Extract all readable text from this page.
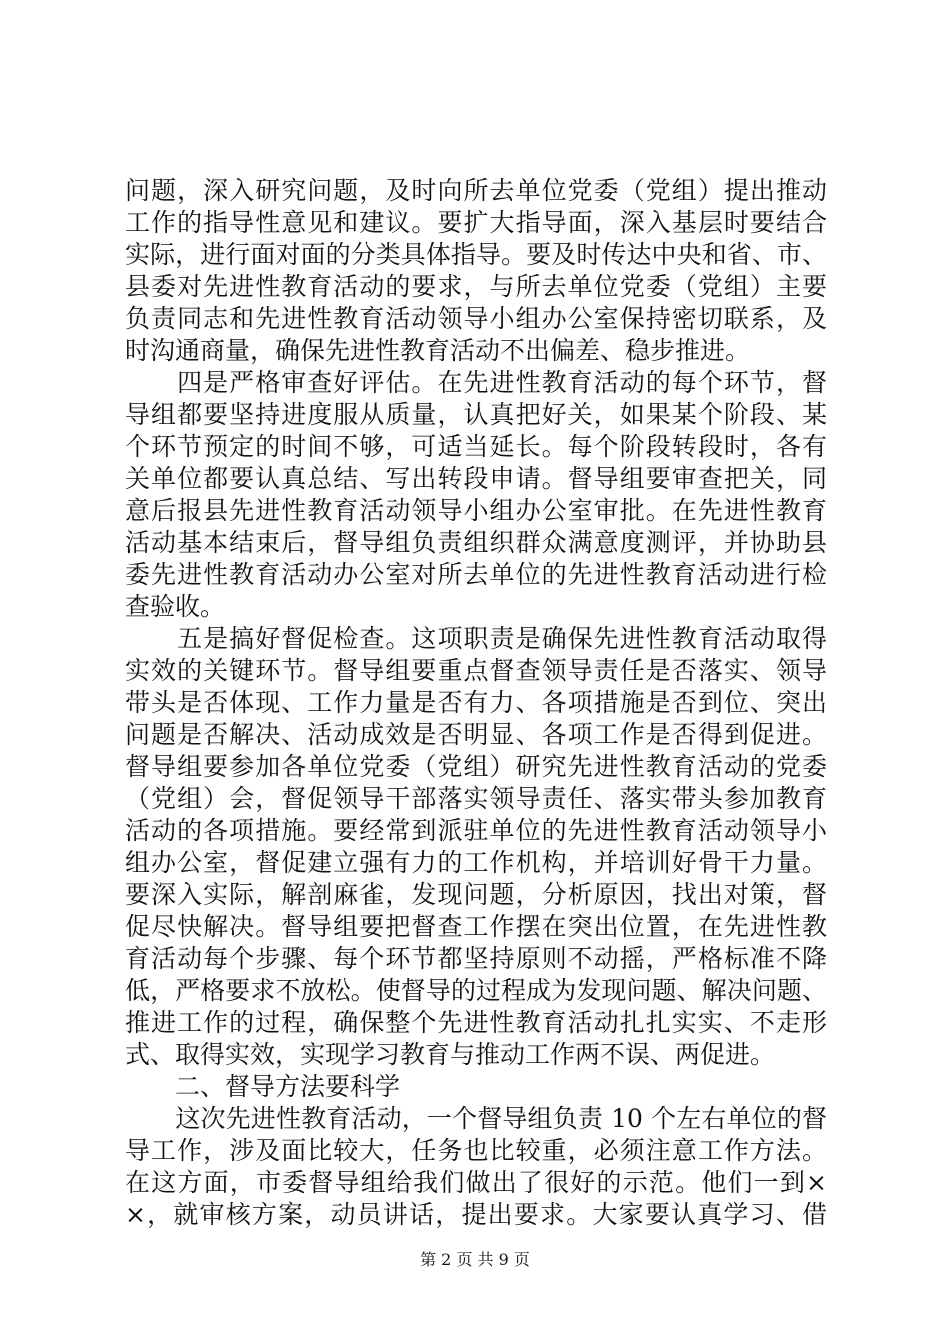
问题，深入研究问题，及时向所去单位党委（党组）提出推动
工作的指导性意见和建议。要扩大指导面，深入基层时要结合
实际，进行面对面的分类具体指导。要及时传达中央和省、市、
县委对先进性教育活动的要求，与所去单位党委（党组）主要
负责同志和先进性教育活动领导小组办公室保持密切联系，及
时沟通商量，确保先进性教育活动不出偏差、稳步推进。
　　四是严格审查好评估。在先进性教育活动的每个环节，督
导组都要坚持进度服从质量，认真把好关，如果某个阶段、某
个环节预定的时间不够，可适当延长。每个阶段转段时，各有
关单位都要认真总结、写出转段申请。督导组要审查把关，同
意后报县先进性教育活动领导小组办公室审批。在先进性教育
活动基本结束后，督导组负责组织群众满意度测评，并协助县
委先进性教育活动办公室对所去单位的先进性教育活动进行检
查验收。
　　五是搞好督促检查。这项职责是确保先进性教育活动取得
实效的关键环节。督导组要重点督查领导责任是否落实、领导
带头是否体现、工作力量是否有力、各项措施是否到位、突出
问题是否解决、活动成效是否明显、各项工作是否得到促进。
督导组要参加各单位党委（党组）研究先进性教育活动的党委
（党组）会，督促领导干部落实领导责任、落实带头参加教育
活动的各项措施。要经常到派驻单位的先进性教育活动领导小
组办公室，督促建立强有力的工作机构，并培训好骨干力量。
要深入实际，解剖麻雀，发现问题，分析原因，找出对策，督
促尽快解决。督导组要把督查工作摆在突出位置，在先进性教
育活动每个步骤、每个环节都坚持原则不动摇，严格标准不降
低，严格要求不放松。使督导的过程成为发现问题、解决问题、
推进工作的过程，确保整个先进性教育活动扎扎实实、不走形
式、取得实效，实现学习教育与推动工作两不误、两促进。
　　二、督导方法要科学
　　这次先进性教育活动，一个督导组负责 10 个左右单位的督
导工作，涉及面比较大，任务也比较重，必须注意工作方法。
在这方面，市委督导组给我们做出了很好的示范。他们一到×
×，就审核方案，动员讲话，提出要求。大家要认真学习、借
第 2 页 共 9 页
